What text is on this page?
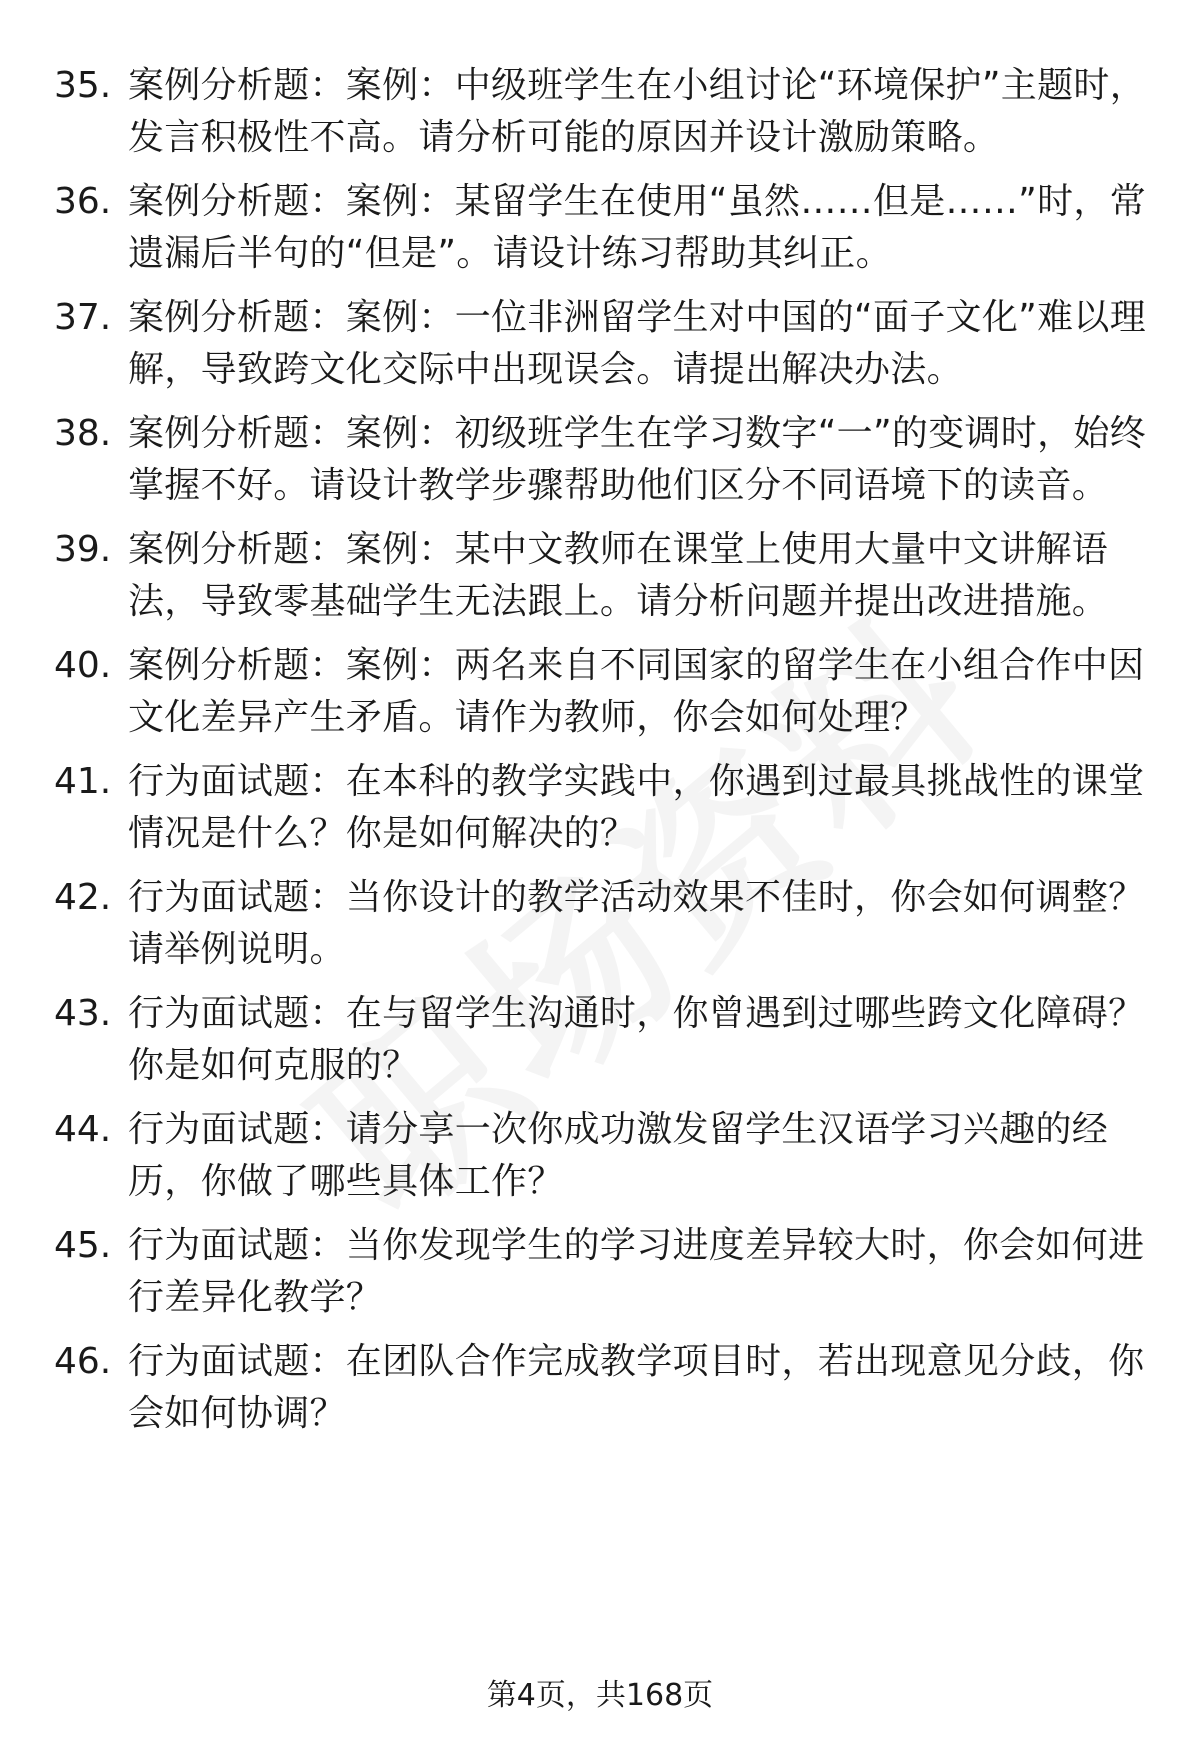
35. 案例分析题：案例：中级班学生在小组讨论“环境保护”主题时，发言积极性不高。请分析可能的原因并设计激励策略。
36. 案例分析题：案例：某留学生在使用“虽然……但是……”时，常遗漏后半句的“但是”。请设计练习帮助其纠正。
37. 案例分析题：案例：一位非洲留学生对中国的“面子文化”难以理解，导致跨文化交际中出现误会。请提出解决办法。
38. 案例分析题：案例：初级班学生在学习数字“一”的变调时，始终掌握不好。请设计教学步骤帮助他们区分不同语境下的读音。
39. 案例分析题：案例：某中文教师在课堂上使用大量中文讲解语法，导致零基础学生无法跟上。请分析问题并提出改进措施。
40. 案例分析题：案例：两名来自不同国家的留学生在小组合作中因文化差异产生矛盾。请作为教师，你会如何处理？
41. 行为面试题：在本科的教学实践中，你遇到过最具挑战性的课堂情况是什么？你是如何解决的？
42. 行为面试题：当你设计的教学活动效果不佳时，你会如何调整？请举例说明。
43. 行为面试题：在与留学生沟通时，你曾遇到过哪些跨文化障碍？你是如何克服的？
44. 行为面试题：请分享一次你成功激发留学生汉语学习兴趣的经历，你做了哪些具体工作？
45. 行为面试题：当你发现学生的学习进度差异较大时，你会如何进行差异化教学？
46. 行为面试题：在团队合作完成教学项目时，若出现意见分歧，你会如何协调？
第4页，共168页
